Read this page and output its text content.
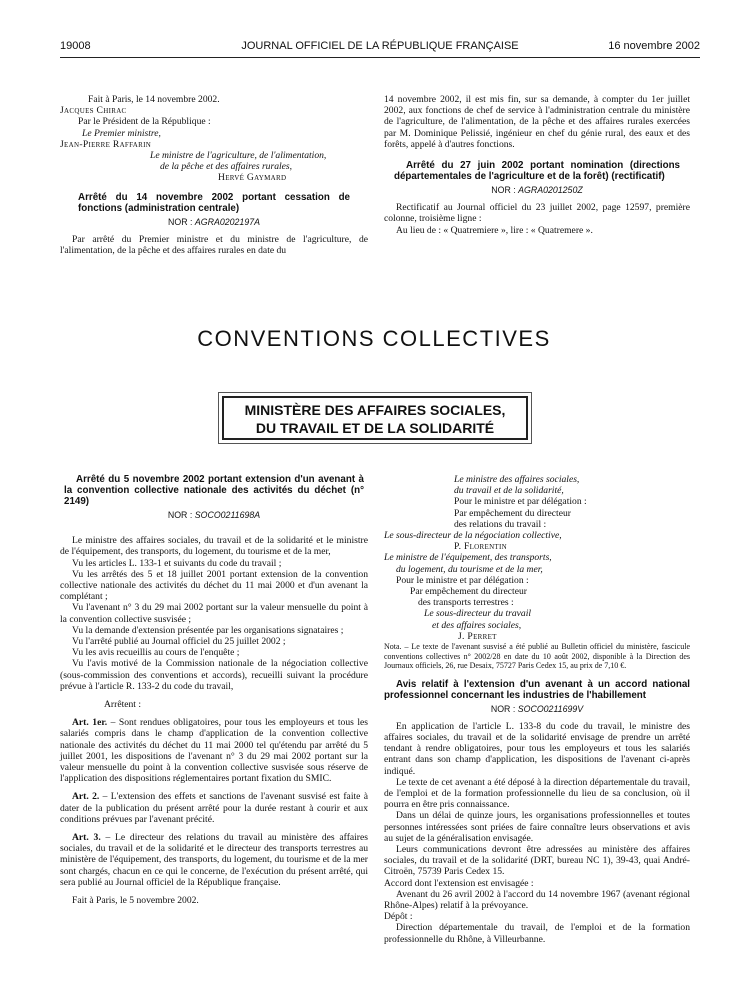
19008	JOURNAL OFFICIEL DE LA RÉPUBLIQUE FRANÇAISE	16 novembre 2002

Fait à Paris, le 14 novembre 2002.

Jacques Chirac

Par le Président de la République :

Le Premier ministre,

Jean-Pierre Raffarin

Le ministre de l'agriculture, de l'alimentation,

de la pêche et des affaires rurales,

Hervé Gaymard

Arrêté du 14 novembre 2002 portant cessation de fonctions (administration centrale)

NOR : AGRA0202197A

Par arrêté du Premier ministre et du ministre de l'agriculture, de l'alimentation, de la pêche et des affaires rurales en date du

14 novembre 2002, il est mis fin, sur sa demande, à compter du 1er juillet 2002, aux fonctions de chef de service à l'administration centrale du ministère de l'agriculture, de l'alimentation, de la pêche et des affaires rurales exercées par M. Dominique Pelissié, ingénieur en chef du génie rural, des eaux et des forêts, appelé à d'autres fonctions.

Arrêté du 27 juin 2002 portant nomination (directions départementales de l'agriculture et de la forêt) (rectificatif)

NOR : AGRA0201250Z

Rectificatif au Journal officiel du 23 juillet 2002, page 12597, première colonne, troisième ligne :

Au lieu de : « Quatremiere », lire : « Quatremere ».

CONVENTIONS COLLECTIVES
MINISTÈRE DES AFFAIRES SOCIALES,
DU TRAVAIL ET DE LA SOLIDARITÉ

Arrêté du 5 novembre 2002 portant extension d'un avenant à la convention collective nationale des activités du déchet (n° 2149)

NOR : SOCO0211698A

Le ministre des affaires sociales, du travail et de la solidarité et le ministre de l'équipement, des transports, du logement, du tourisme et de la mer,

Vu les articles L. 133-1 et suivants du code du travail ;

Vu les arrêtés des 5 et 18 juillet 2001 portant extension de la convention collective nationale des activités du déchet du 11 mai 2000 et d'un avenant la complétant ;

Vu l'avenant n° 3 du 29 mai 2002 portant sur la valeur mensuelle du point à la convention collective susvisée ;

Vu la demande d'extension présentée par les organisations signataires ;

Vu l'arrêté publié au Journal officiel du 25 juillet 2002 ;

Vu les avis recueillis au cours de l'enquête ;

Vu l'avis motivé de la Commission nationale de la négociation collective (sous-commission des conventions et accords), recueilli suivant la procédure prévue à l'article R. 133-2 du code du travail,

Arrêtent :

Art. 1er. – Sont rendues obligatoires, pour tous les employeurs et tous les salariés compris dans le champ d'application de la convention collective nationale des activités du déchet du 11 mai 2000 tel qu'étendu par arrêté du 5 juillet 2001, les dispositions de l'avenant n° 3 du 29 mai 2002 portant sur la valeur mensuelle du point à la convention collective susvisée sous réserve de l'application des dispositions réglementaires portant fixation du SMIC.

Art. 2. – L'extension des effets et sanctions de l'avenant susvisé est faite à dater de la publication du présent arrêté pour la durée restant à courir et aux conditions prévues par l'avenant précité.

Art. 3. – Le directeur des relations du travail au ministère des affaires sociales, du travail et de la solidarité et le directeur des transports terrestres au ministère de l'équipement, des transports, du logement, du tourisme et de la mer sont chargés, chacun en ce qui le concerne, de l'exécution du présent arrêté, qui sera publié au Journal officiel de la République française.

Fait à Paris, le 5 novembre 2002.

Le ministre des affaires sociales,

du travail et de la solidarité,

Pour le ministre et par délégation :

Par empêchement du directeur

des relations du travail :

Le sous-directeur de la négociation collective,

P. Florentin

Le ministre de l'équipement, des transports,

du logement, du tourisme et de la mer,

Pour le ministre et par délégation :

Par empêchement du directeur

des transports terrestres :

Le sous-directeur du travail

et des affaires sociales,

J. Perret

Nota. – Le texte de l'avenant susvisé a été publié au Bulletin officiel du ministère, fascicule conventions collectives n° 2002/28 en date du 10 août 2002, disponible à la Direction des Journaux officiels, 26, rue Desaix, 75727 Paris Cedex 15, au prix de 7,10 €.

Avis relatif à l'extension d'un avenant à un accord national professionnel concernant les industries de l'habillement

NOR : SOCO0211699V

En application de l'article L. 133-8 du code du travail, le ministre des affaires sociales, du travail et de la solidarité envisage de prendre un arrêté tendant à rendre obligatoires, pour tous les employeurs et tous les salariés entrant dans son champ d'application, les dispositions de l'avenant ci-après indiqué.

Le texte de cet avenant a été déposé à la direction départementale du travail, de l'emploi et de la formation professionnelle du lieu de sa conclusion, où il pourra en être pris connaissance.

Dans un délai de quinze jours, les organisations professionnelles et toutes personnes intéressées sont priées de faire connaître leurs observations et avis au sujet de la généralisation envisagée.

Leurs communications devront être adressées au ministère des affaires sociales, du travail et de la solidarité (DRT, bureau NC 1), 39-43, quai André-Citroën, 75739 Paris Cedex 15.

Accord dont l'extension est envisagée :

Avenant du 26 avril 2002 à l'accord du 14 novembre 1967 (avenant régional Rhône-Alpes) relatif à la prévoyance.

Dépôt :

Direction départementale du travail, de l'emploi et de la formation professionnelle du Rhône, à Villeurbanne.
